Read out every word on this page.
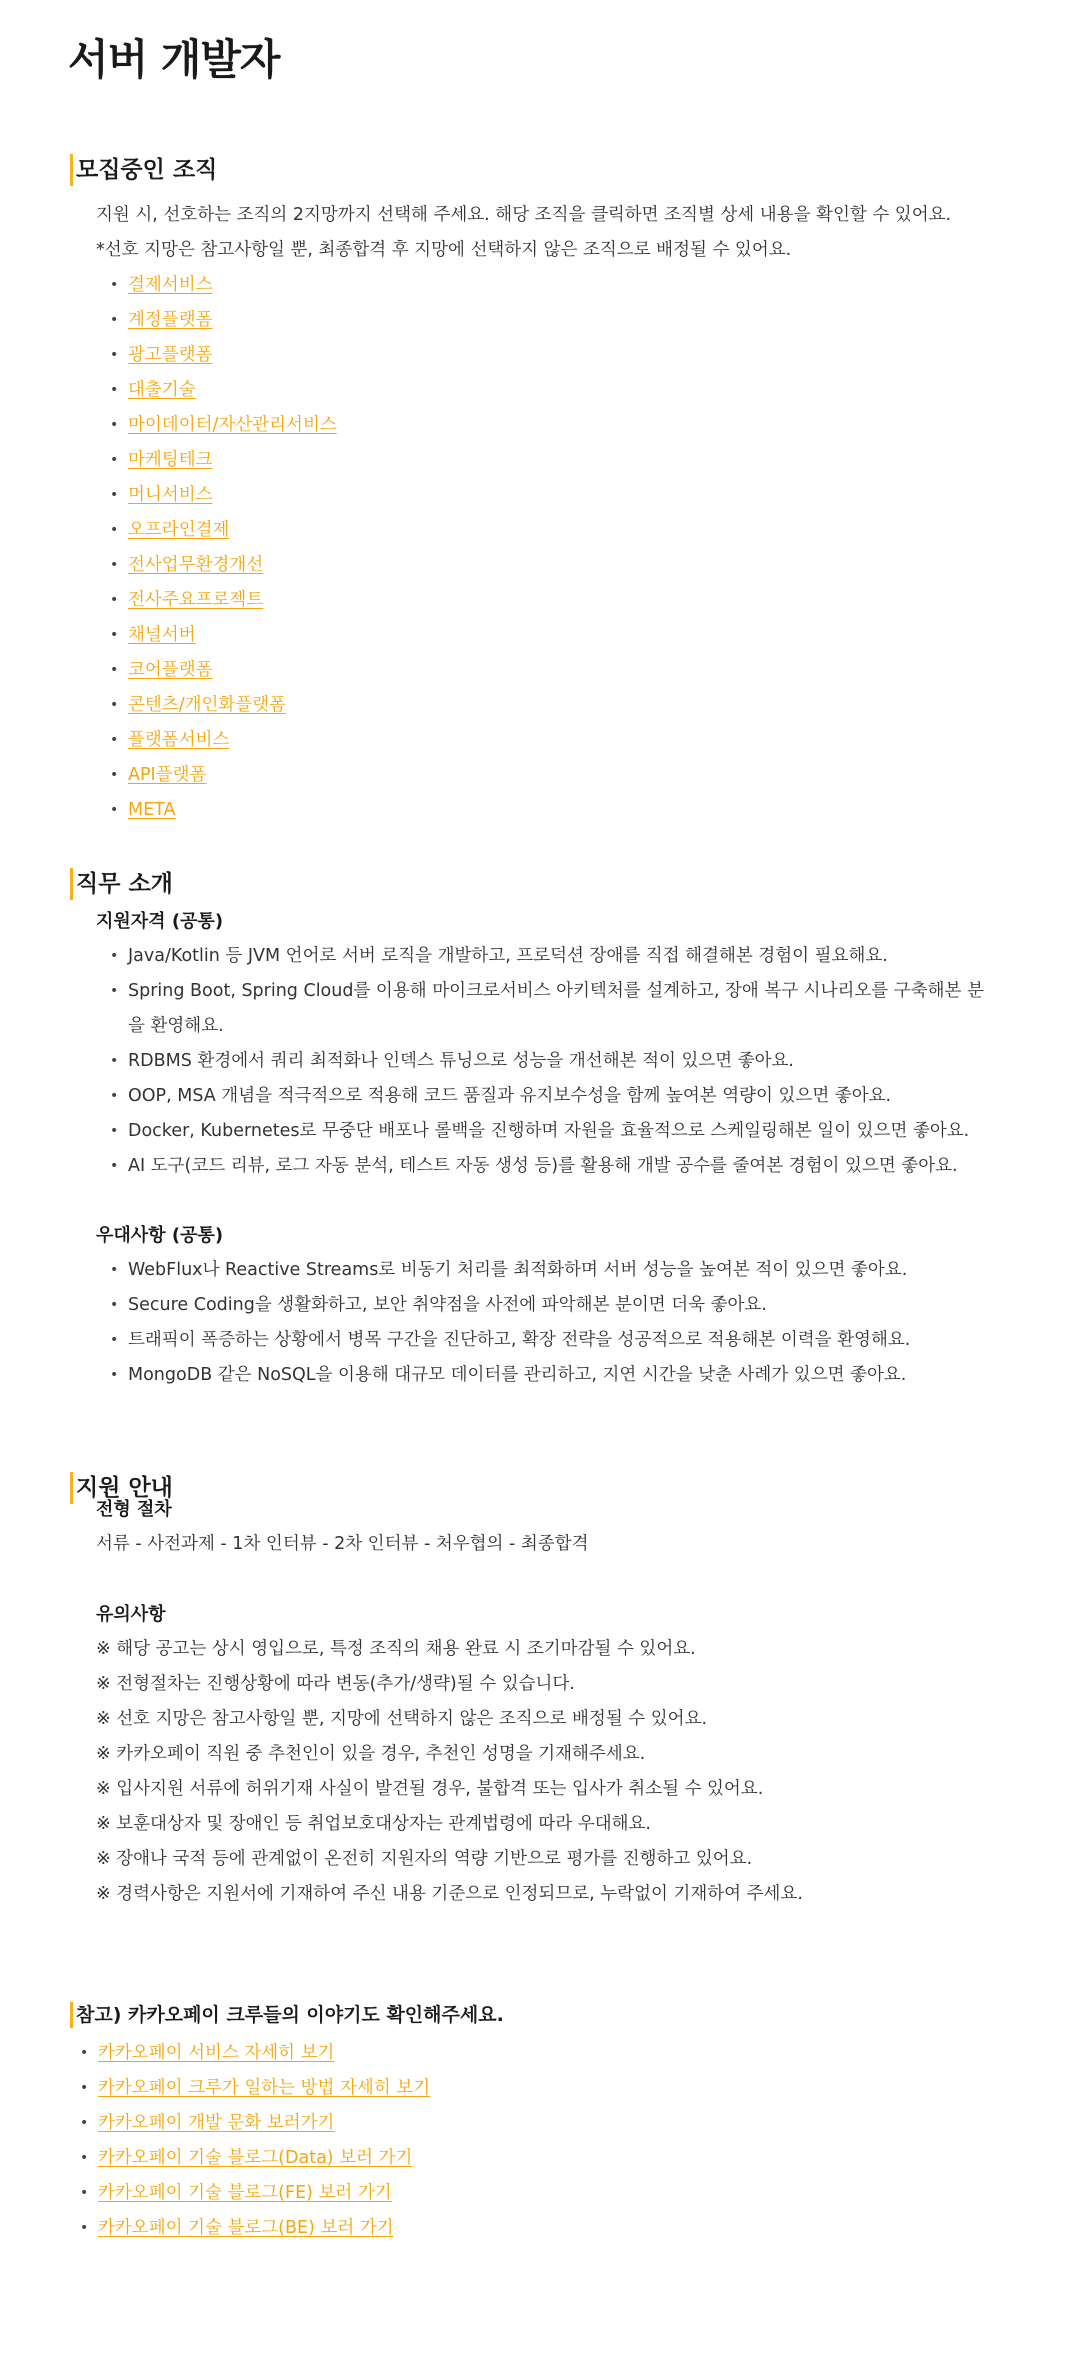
서버 개발자
모집중인 조직

지원 시, 선호하는 조직의 2지망까지 선택해 주세요. 해당 조직을 클릭하면 조직별 상세 내용을 확인할 수 있어요.

*선호 지망은 참고사항일 뿐, 최종합격 후 지망에 선택하지 않은 조직으로 배정될 수 있어요.

• 결제서비스
• 계정플랫폼
• 광고플랫폼
• 대출기술
• 마이데이터/자산관리서비스
• 마케팅테크
• 머니서비스
• 오프라인결제
• 전사업무환경개선
• 전사주요프로젝트
• 채널서버
• 코어플랫폼
• 콘텐츠/개인화플랫폼
• 플랫폼서비스
• API플랫폼
• META
직무 소개

지원자격 (공통)

• Java/Kotlin 등 JVM 언어로 서버 로직을 개발하고, 프로덕션 장애를 직접 해결해본 경험이 필요해요.
• Spring Boot, Spring Cloud를 이용해 마이크로서비스 아키텍처를 설계하고, 장애 복구 시나리오를 구축해본 분
을 환영해요.
• RDBMS 환경에서 쿼리 최적화나 인덱스 튜닝으로 성능을 개선해본 적이 있으면 좋아요.
• OOP, MSA 개념을 적극적으로 적용해 코드 품질과 유지보수성을 함께 높여본 역량이 있으면 좋아요.
• Docker, Kubernetes로 무중단 배포나 롤백을 진행하며 자원을 효율적으로 스케일링해본 일이 있으면 좋아요.
• AI 도구(코드 리뷰, 로그 자동 분석, 테스트 자동 생성 등)를 활용해 개발 공수를 줄여본 경험이 있으면 좋아요.

우대사항 (공통)

• WebFlux나 Reactive Streams로 비동기 처리를 최적화하며 서버 성능을 높여본 적이 있으면 좋아요.
• Secure Coding을 생활화하고, 보안 취약점을 사전에 파악해본 분이면 더욱 좋아요.
• 트래픽이 폭증하는 상황에서 병목 구간을 진단하고, 확장 전략을 성공적으로 적용해본 이력을 환영해요.
• MongoDB 같은 NoSQL을 이용해 대규모 데이터를 관리하고, 지연 시간을 낮춘 사례가 있으면 좋아요.
지원 안내

전형 절차

서류 - 사전과제 - 1차 인터뷰 - 2차 인터뷰 - 처우협의 - 최종합격

유의사항

※ 해당 공고는 상시 영입으로, 특정 조직의 채용 완료 시 조기마감될 수 있어요.

※ 전형절차는 진행상황에 따라 변동(추가/생략)될 수 있습니다.

※ 선호 지망은 참고사항일 뿐, 지망에 선택하지 않은 조직으로 배정될 수 있어요.

※ 카카오페이 직원 중 추천인이 있을 경우, 추천인 성명을 기재해주세요.

※ 입사지원 서류에 허위기재 사실이 발견될 경우, 불합격 또는 입사가 취소될 수 있어요.

※ 보훈대상자 및 장애인 등 취업보호대상자는 관계법령에 따라 우대해요.

※ 장애나 국적 등에 관계없이 온전히 지원자의 역량 기반으로 평가를 진행하고 있어요.

※ 경력사항은 지원서에 기재하여 주신 내용 기준으로 인정되므로, 누락없이 기재하여 주세요.

참고) 카카오페이 크루들의 이야기도 확인해주세요.
• 카카오페이 서비스 자세히 보기
• 카카오페이 크루가 일하는 방법 자세히 보기
• 카카오페이 개발 문화 보러가기
• 카카오페이 기술 블로그(Data) 보러 가기
• 카카오페이 기술 블로그(FE) 보러 가기
• 카카오페이 기술 블로그(BE) 보러 가기
